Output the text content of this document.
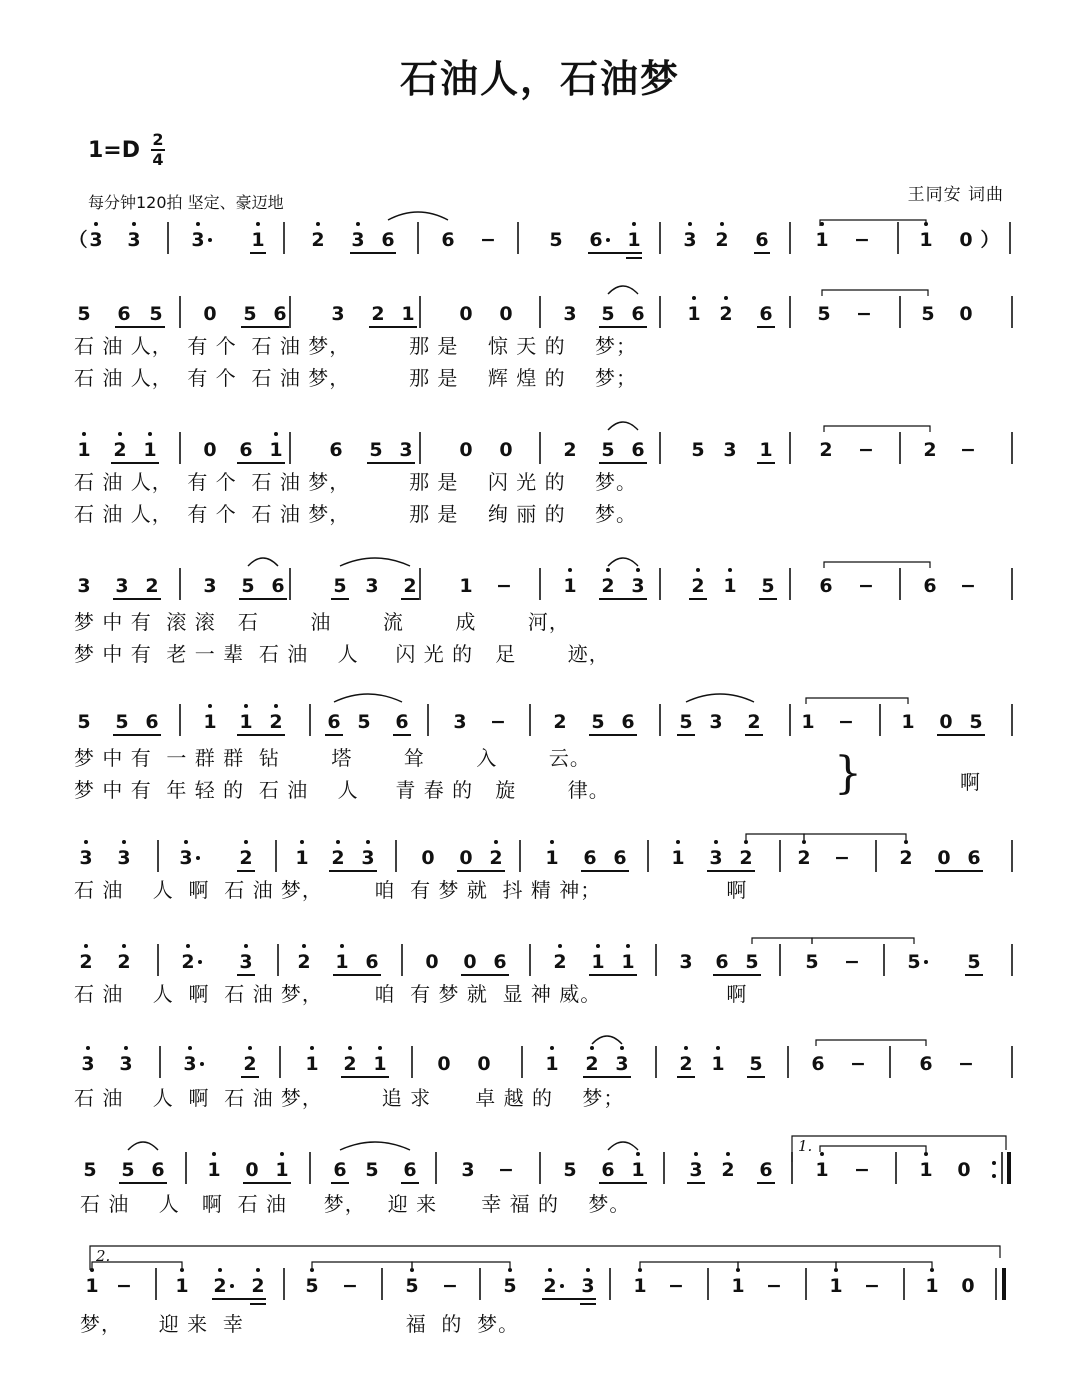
石油人，石油梦
1=D 2
4
每分钟120拍 坚定、豪迈地	王同安 词曲
（ 3 3	3 1 2 3 6 6 −	5 6 1 3 2 6 1 −	1 0 ）
5 6 5 0 5 6 3 2 1 0 0	3 5 6 1 2 6 5 −	5 0
1 2 1 0 6 1 6 5 3 0 0	2 5 6 5 3 1 2 −	2 −
3 3 2 3 5 6	5 3 2 1 −	1 2 3 2 1 5 6 −	6 −
5 5 6 1 1 2 6 5 6 3 − 2 5 6 5 3 2 1 − 1 0 5
3 3	3 2 1 2 3 0 0 2 1 6 6 1 3 2 2 −	2 0 6
2 2	2 3 2 1 6 0 0 6 2 1 1 3 6 5 5 − 5 5
3 3	3 2	1 2 1	0 0	1 2 3	2 1 5	6 −	6 −
5 5 6 1 0 1 6 5 6 3 −	5 6 1 3 2 6 1 −	1 0
1.
2.
1 − 1 2 2 5 − 5 − 5 2 3 1 − 1 − 1 − 1 0
石 油 人，  有 个  石 油 梦，        那 是    惊 天 的    梦；
石 油 人，  有 个  石 油 梦，        那 是    辉 煌 的    梦；
石 油 人，  有 个  石 油 梦，        那 是    闪 光 的    梦。
石 油 人，  有 个  石 油 梦，        那 是    绚 丽 的    梦。
梦 中 有  滚 滚   石       油       流       成       河，
梦 中 有  老 一 辈  石 油    人     闪 光 的   足       迹，
梦 中 有  一 群 群  钻       塔       耸       入       云。
梦 中 有  年 轻 的  石 油    人     青 春 的   旋       律。	啊
}
石 油    人  啊  石 油 梦，       咱  有 梦 就  抖 精 神；                 啊
石 油    人  啊  石 油 梦，       咱  有 梦 就  显 神 威。                 啊
石 油    人  啊  石 油 梦，        追 求      卓 越 的    梦；
石 油    人   啊  石 油     梦，   迎 来      幸 福 的    梦。
梦，     迎 来  幸                      福  的  梦。
